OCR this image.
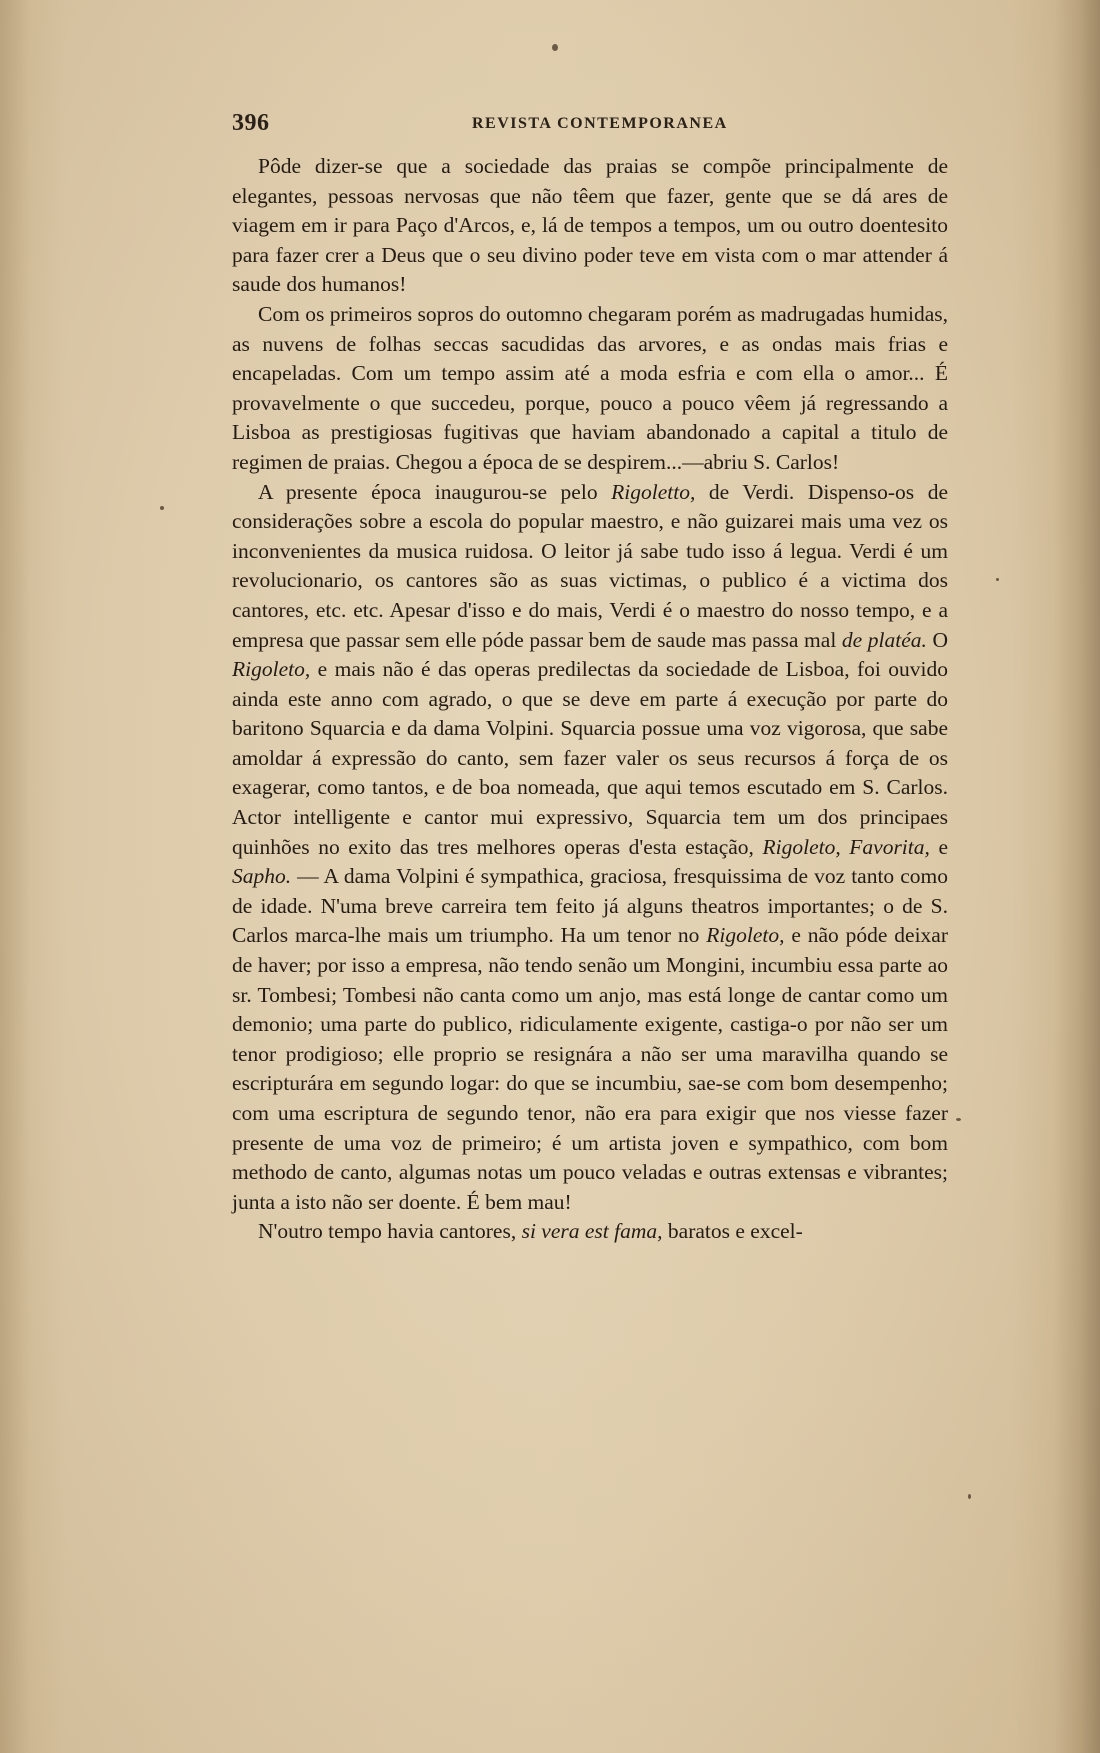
396	REVISTA CONTEMPORANEA

Pôde dizer-se que a sociedade das praias se compõe principalmente de elegantes, pessoas nervosas que não têem que fazer, gente que se dá ares de viagem em ir para Paço d'Arcos, e, lá de tempos a tempos, um ou outro doentesito para fazer crer a Deus que o seu divino poder teve em vista com o mar attender á saude dos humanos!

Com os primeiros sopros do outomno chegaram porém as madrugadas humidas, as nuvens de folhas seccas sacudidas das arvores, e as ondas mais frias e encapeladas. Com um tempo assim até a moda esfria e com ella o amor... É provavelmente o que succedeu, porque, pouco a pouco vêem já regressando a Lisboa as prestigiosas fugitivas que haviam abandonado a capital a titulo de regimen de praias. Chegou a época de se despirem...—abriu S. Carlos!

A presente época inaugurou-se pelo Rigoletto, de Verdi. Dispenso-os de considerações sobre a escola do popular maestro, e não guizarei mais uma vez os inconvenientes da musica ruidosa. O leitor já sabe tudo isso á legua. Verdi é um revolucionario, os cantores são as suas victimas, o publico é a victima dos cantores, etc. etc. Apesar d'isso e do mais, Verdi é o maestro do nosso tempo, e a empresa que passar sem elle póde passar bem de saude mas passa mal de platéa. O Rigoleto, e mais não é das operas predilectas da sociedade de Lisboa, foi ouvido ainda este anno com agrado, o que se deve em parte á execução por parte do baritono Squarcia e da dama Volpini. Squarcia possue uma voz vigorosa, que sabe amoldar á expressão do canto, sem fazer valer os seus recursos á força de os exagerar, como tantos, e de boa nomeada, que aqui temos escutado em S. Carlos. Actor intelligente e cantor mui expressivo, Squarcia tem um dos principaes quinhões no exito das tres melhores operas d'esta estação, Rigoleto, Favorita, e Sapho. — A dama Volpini é sympathica, graciosa, fresquissima de voz tanto como de idade. N'uma breve carreira tem feito já alguns theatros importantes; o de S. Carlos marca-lhe mais um triumpho. Ha um tenor no Rigoleto, e não póde deixar de haver; por isso a empresa, não tendo senão um Mongini, incumbiu essa parte ao sr. Tombesi; Tombesi não canta como um anjo, mas está longe de cantar como um demonio; uma parte do publico, ridiculamente exigente, castiga-o por não ser um tenor prodigioso; elle proprio se resignára a não ser uma maravilha quando se escripturára em segundo logar: do que se incumbiu, sae-se com bom desempenho; com uma escriptura de segundo tenor, não era para exigir que nos viesse fazer presente de uma voz de primeiro; é um artista joven e sympathico, com bom methodo de canto, algumas notas um pouco veladas e outras extensas e vibrantes; junta a isto não ser doente. É bem mau!

N'outro tempo havia cantores, si vera est fama, baratos e excel-
